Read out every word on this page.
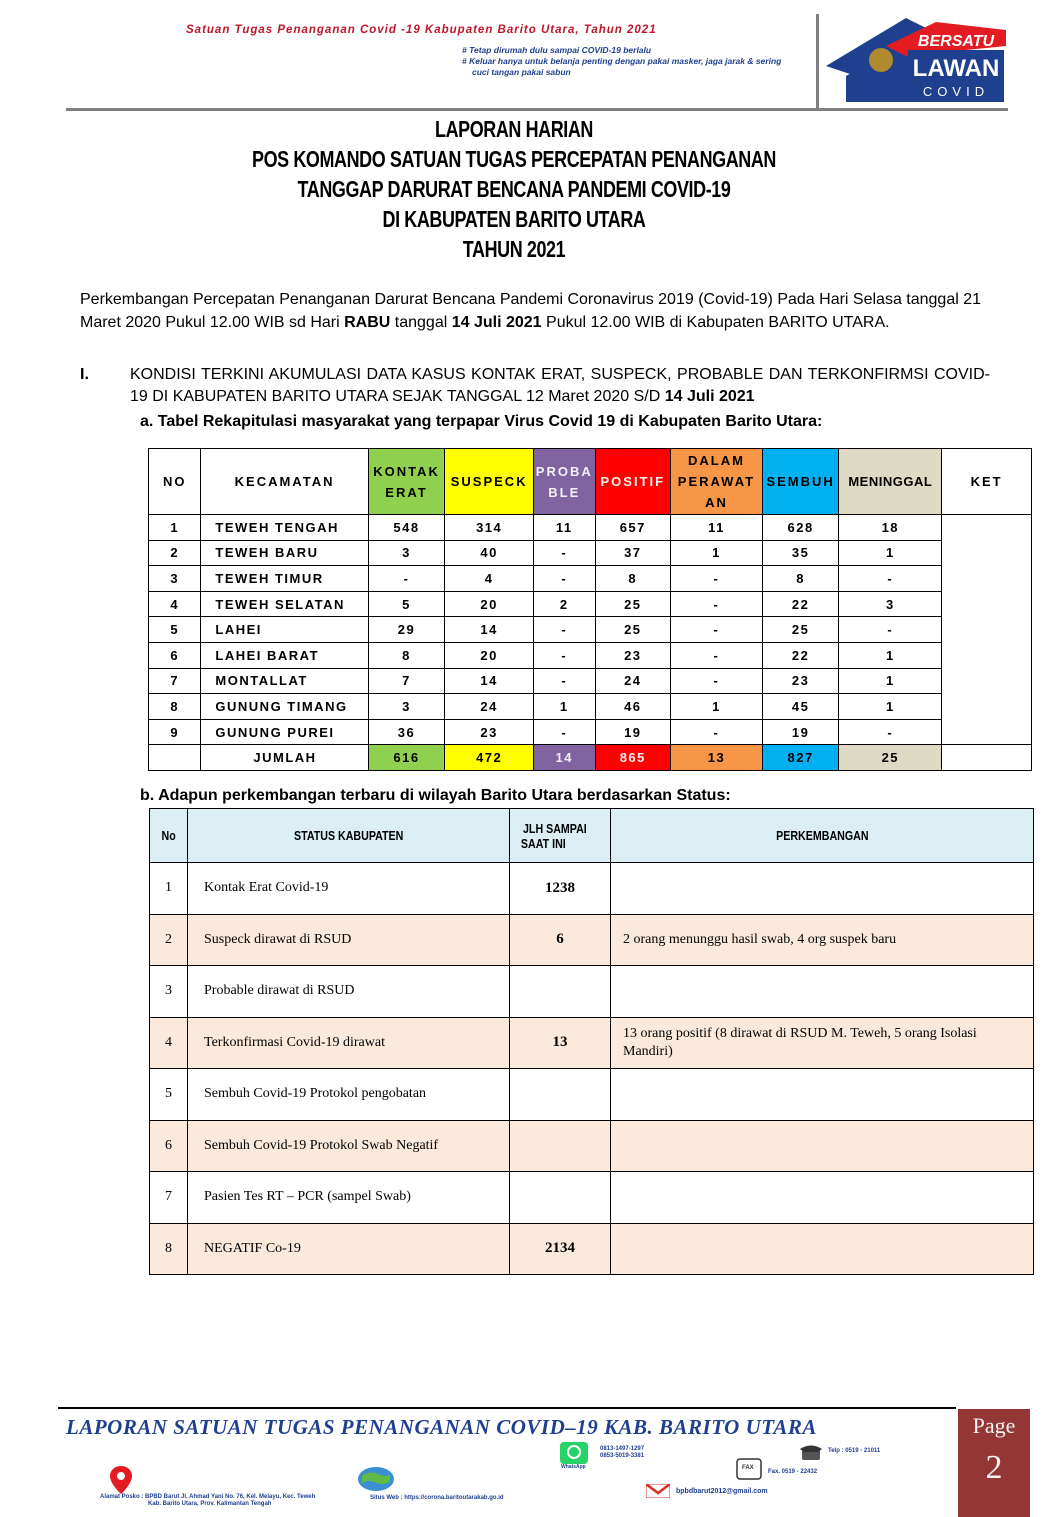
Satuan Tugas Penanganan Covid -19 Kabupaten Barito Utara, Tahun 2021
# Tetap dirumah dulu sampai COVID-19 berlalu
# Keluar hanya untuk belanja penting dengan pakai masker, jaga jarak & sering
cuci tangan pakai sabun
BERSATU
LAWAN
COVID
LAPORAN HARIAN
POS KOMANDO SATUAN TUGAS PERCEPATAN PENANGANAN
TANGGAP DARURAT BENCANA PANDEMI COVID-19
DI KABUPATEN BARITO UTARA
TAHUN 2021
Perkembangan Percepatan Penanganan Darurat Bencana Pandemi Coronavirus 2019 (Covid-19) Pada Hari Selasa tanggal 21 Maret 2020 Pukul 12.00 WIB sd Hari RABU tanggal 14 Juli 2021 Pukul 12.00 WIB di Kabupaten BARITO UTARA.
I.	KONDISI TERKINI AKUMULASI DATA KASUS KONTAK ERAT, SUSPECK, PROBABLE DAN TERKONFIRMSI COVID-19 DI KABUPATEN BARITO UTARA SEJAK TANGGAL 12 Maret 2020 S/D 14 Juli 2021
a. Tabel Rekapitulasi masyarakat yang terpapar Virus Covid 19 di Kabupaten Barito Utara:
NO	KECAMATAN	KONTAK
ERAT	SUSPECK	PROBA
BLE	POSITIF	DALAM
PERAWAT
AN	SEMBUH	MENINGGAL	KET
1	TEWEH TENGAH	548	314	11	657	11	628	18	
2	TEWEH BARU	3	40	-	37	1	35	1	
3	TEWEH TIMUR	-	4	-	8	-	8	-	
4	TEWEH SELATAN	5	20	2	25	-	22	3	
5	LAHEI	29	14	-	25	-	25	-	
6	LAHEI BARAT	8	20	-	23	-	22	1	
7	MONTALLAT	7	14	-	24	-	23	1	
8	GUNUNG TIMANG	3	24	1	46	1	45	1	
9	GUNUNG PUREI	36	23	-	19	-	19	-	
	JUMLAH	616	472	14	865	13	827	25	
b. Adapun perkembangan terbaru di wilayah Barito Utara berdasarkan Status:
No	STATUS KABUPATEN	JLH SAMPAI
SAAT INI	PERKEMBANGAN
1	Kontak Erat Covid-19	1238	
2	Suspeck dirawat di RSUD	6	2 orang menunggu hasil swab, 4 org suspek baru
3	Probable dirawat di RSUD		
4	Terkonfirmasi Covid-19 dirawat	13	13 orang positif (8 dirawat di RSUD M. Teweh, 5 orang Isolasi Mandiri)
5	Sembuh Covid-19 Protokol pengobatan		
6	Sembuh Covid-19 Protokol Swab Negatif		
7	Pasien Tes RT – PCR (sampel Swab)		
8	NEGATIF Co-19	2134	
LAPORAN SATUAN TUGAS PENANGANAN COVID–19 KAB. BARITO UTARA	Page
2
Alamat Posko : BPBD Barut Jl. Ahmad Yani No. 76, Kel. Melayu, Kec. Teweh
Kab. Barito Utara, Prov. Kalimantan Tengah
Situs Web : https://corona.baritoutarakab.go.id
WhatsApp
0813-1497-1297
0853-5019-3381
Telp : 0519 - 21011
FAX
Fax. 0519 - 22432
bpbdbarut2012@gmail.com
